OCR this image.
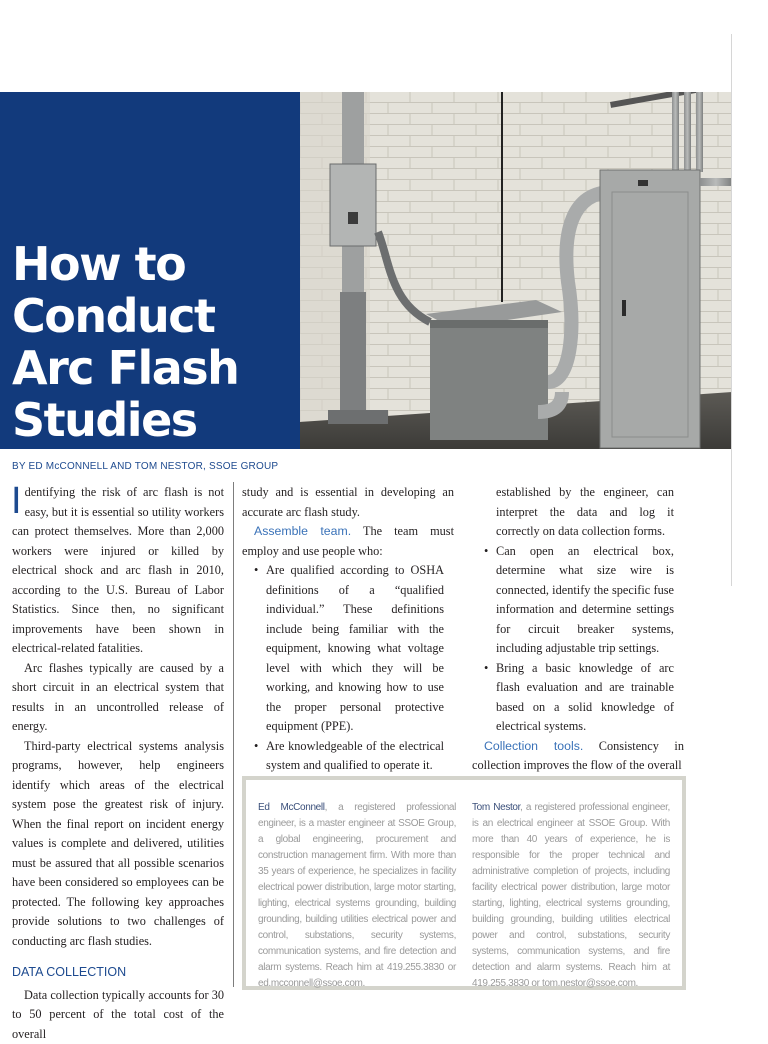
How to
Conduct
Arc Flash
Studies
BY ED McCONNELL AND TOM NESTOR, SSOE GROUP

Identifying the risk of arc flash is not easy, but it is essential so utility workers can protect themselves. More than 2,000 workers were injured or killed by electrical shock and arc flash in 2010, according to the U.S. Bureau of Labor Statistics. Since then, no significant improvements have been shown in electrical-related fatalities.

Arc flashes typically are caused by a short circuit in an electrical system that results in an uncontrolled release of energy.

Third-party electrical systems analysis programs, however, help engineers identify which areas of the electrical system pose the greatest risk of injury. When the final report on incident energy values is complete and delivered, utilities must be assured that all possible scenarios have been considered so employees can be protected. The following key approaches provide solutions to two challenges of conducting arc flash studies.

DATA COLLECTION

Data collection typically accounts for 30 to 50 percent of the total cost of the overall

study and is essential in developing an accurate arc flash study.

Assemble team. The team must employ and use people who:

• Are qualified according to OSHA definitions of a “qualified individual.” These definitions include being familiar with the equipment, knowing what voltage level with which they will be working, and knowing how to use the proper personal protective equipment (PPE).
• Are knowledgeable of the electrical system and qualified to operate it.
•

established by the engineer, can interpret the data and log it correctly on data collection forms.

• Can open an electrical box, determine what size wire is connected, identify the specific fuse information and determine settings for circuit breaker systems, including adjustable trip settings.
• Bring a basic knowledge of arc flash evaluation and are trainable based on a solid knowledge of electrical systems.

Collection tools. Consistency in collection improves the flow of the overall

Ed McConnell, a registered professional engineer, is a master engineer at SSOE Group, a global engineering, procurement and construction management firm. With more than 35 years of experience, he specializes in facility electrical power distribution, large motor starting, lighting, electrical systems grounding, building grounding, building utilities electrical power and control, substations, security systems, communication systems, and fire detection and alarm systems. Reach him at 419.255.3830 or ed.mcconnell@ssoe.com.

Tom Nestor, a registered professional engineer, is an electrical engineer at SSOE Group. With more than 40 years of experience, he is responsible for the proper technical and administrative completion of projects, including facility electrical power distribution, large motor starting, lighting, electrical systems grounding, building grounding, building utilities electrical power and control, substations, security systems, communication systems, and fire detection and alarm systems. Reach him at 419.255.3830 or tom.nestor@ssoe.com.
